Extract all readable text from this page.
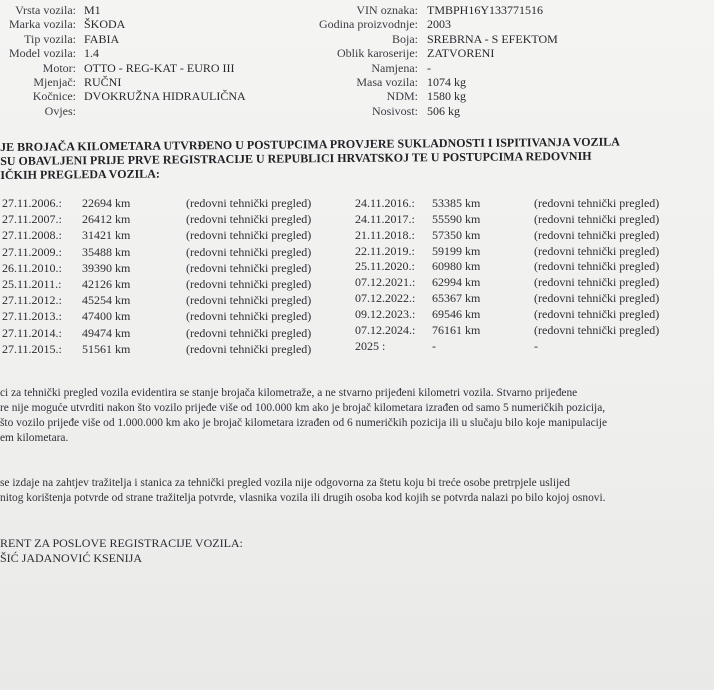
Vrsta vozila: M1
Marka vozila: ŠKODA
Tip vozila: FABIA
Model vozila: 1.4
Motor: OTTO - REG-KAT - EURO III
Mjenjač: RUČNI
Kočnice: DVOKRUŽNA HIDRAULIČNA
Ovjes:
VIN oznaka: TMBPH16Y133771516
Godina proizvodnje: 2003
Boja: SREBRNA - S EFEKTOM
Oblik karoserije: ZATVORENI
Namjena: -
Masa vozila: 1074 kg
NDM: 1580 kg
Nosivost: 506 kg
JE BROJAČA KILOMETARA UTVRĐENO U POSTUPCIMA PROVJERE SUKLADNOSTI I ISPITIVANJA VOZILA
SU OBAVLJENI PRIJE PRVE REGISTRACIJE U REPUBLICI HRVATSKOJ TE U POSTUPCIMA REDOVNIH
IČKIH PREGLEDA VOZILA:
27.11.2006.: 22694 km	(redovni tehnički pregled)
27.11.2007.: 26412 km	(redovni tehnički pregled)
27.11.2008.: 31421 km	(redovni tehnički pregled)
27.11.2009.: 35488 km	(redovni tehnički pregled)
26.11.2010.: 39390 km	(redovni tehnički pregled)
25.11.2011.: 42126 km	(redovni tehnički pregled)
27.11.2012.: 45254 km	(redovni tehnički pregled)
27.11.2013.: 47400 km	(redovni tehnički pregled)
27.11.2014.: 49474 km	(redovni tehnički pregled)
27.11.2015.: 51561 km	(redovni tehnički pregled)
24.11.2016.: 53385 km	(redovni tehnički pregled)
24.11.2017.: 55590 km	(redovni tehnički pregled)
21.11.2018.: 57350 km	(redovni tehnički pregled)
22.11.2019.: 59199 km	(redovni tehnički pregled)
25.11.2020.: 60980 km	(redovni tehnički pregled)
07.12.2021.: 62994 km	(redovni tehnički pregled)
07.12.2022.: 65367 km	(redovni tehnički pregled)
09.12.2023.: 69546 km	(redovni tehnički pregled)
07.12.2024.: 76161 km	(redovni tehnički pregled)
2025 :	-	-
ci za tehnički pregled vozila evidentira se stanje brojača kilometraže, a ne stvarno prijeđeni kilometri vozila. Stvarno prijeđene
re nije moguće utvrditi nakon što vozilo prijeđe više od 100.000 km ako je brojač kilometara izrađen od samo 5 numeričkih pozicija,
što vozilo prijeđe više od 1.000.000 km ako je brojač kilometara izrađen od 6 numeričkih pozicija ili u slučaju bilo koje manipulacije
em kilometara.
se izdaje na zahtjev tražitelja i stanica za tehnički pregled vozila nije odgovorna za štetu koju bi treće osobe pretrpjele uslijed
nitog korištenja potvrde od strane tražitelja potvrde, vlasnika vozila ili drugih osoba kod kojih se potvrda nalazi po bilo kojoj osnovi.
RENT ZA POSLOVE REGISTRACIJE VOZILA:
ŠIĆ JADANOVIĆ KSENIJA
